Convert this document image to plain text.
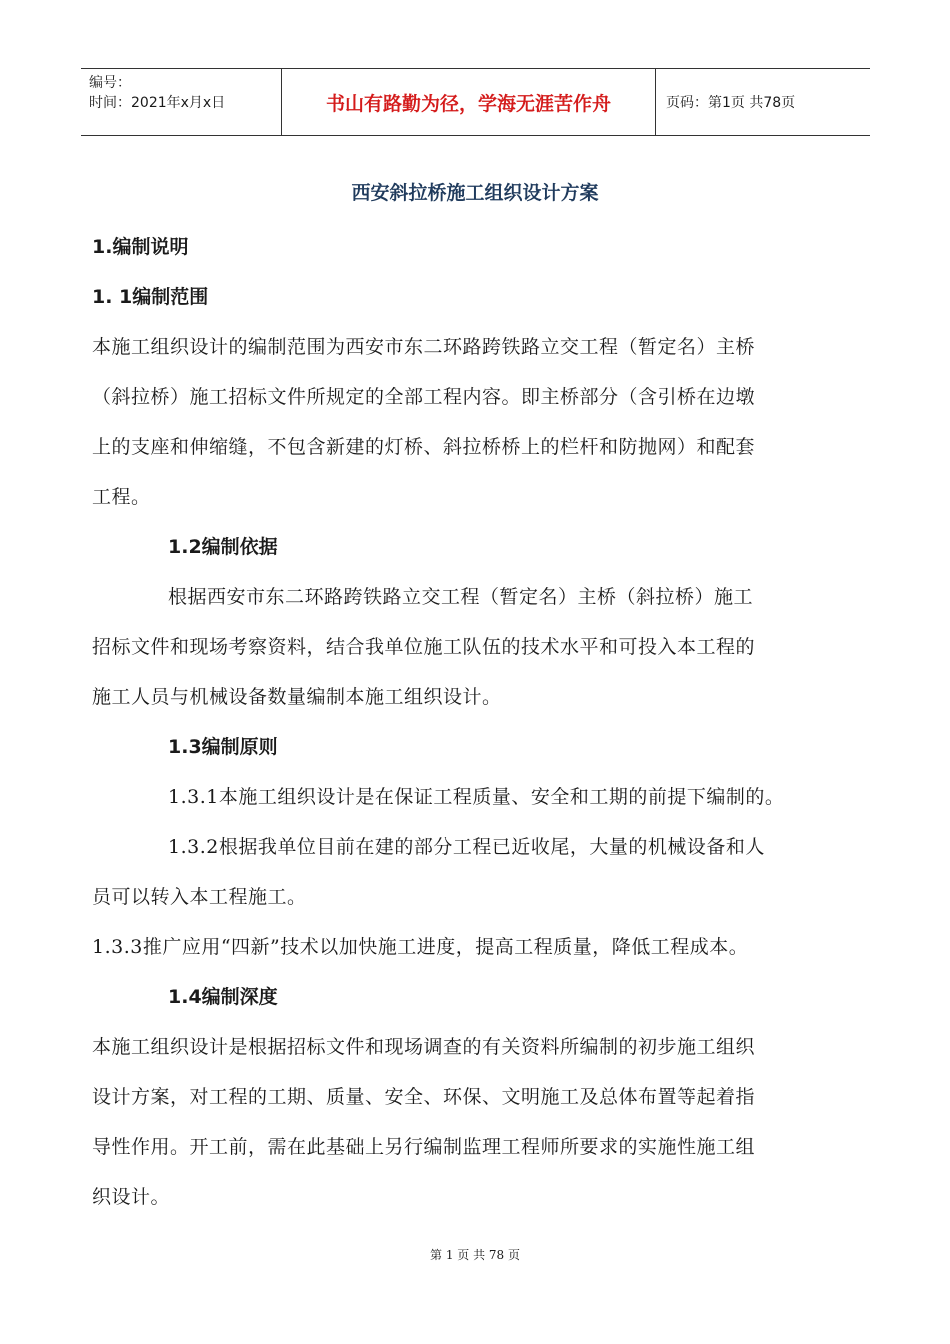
编号：
时间：2021年x月x日	书山有路勤为径，学海无涯苦作舟	页码：第1页 共78页
西安斜拉桥施工组织设计方案
1.编制说明
1. 1编制范围
本施工组织设计的编制范围为西安市东二环路跨铁路立交工程（暂定名）主桥
（斜拉桥）施工招标文件所规定的全部工程内容。即主桥部分（含引桥在边墩
上的支座和伸缩缝，不包含新建的灯桥、斜拉桥桥上的栏杆和防抛网）和配套
工程。
1.2编制依据
根据西安市东二环路跨铁路立交工程（暂定名）主桥（斜拉桥）施工
招标文件和现场考察资料，结合我单位施工队伍的技术水平和可投入本工程的
施工人员与机械设备数量编制本施工组织设计。
1.3编制原则
1.3.1本施工组织设计是在保证工程质量、安全和工期的前提下编制的。
1.3.2根据我单位目前在建的部分工程已近收尾，大量的机械设备和人
员可以转入本工程施工。
1.3.3推广应用“四新”技术以加快施工进度，提高工程质量，降低工程成本。
1.4编制深度
本施工组织设计是根据招标文件和现场调查的有关资料所编制的初步施工组织
设计方案，对工程的工期、质量、安全、环保、文明施工及总体布置等起着指
导性作用。开工前，需在此基础上另行编制监理工程师所要求的实施性施工组
织设计。
第 1 页 共 78 页
